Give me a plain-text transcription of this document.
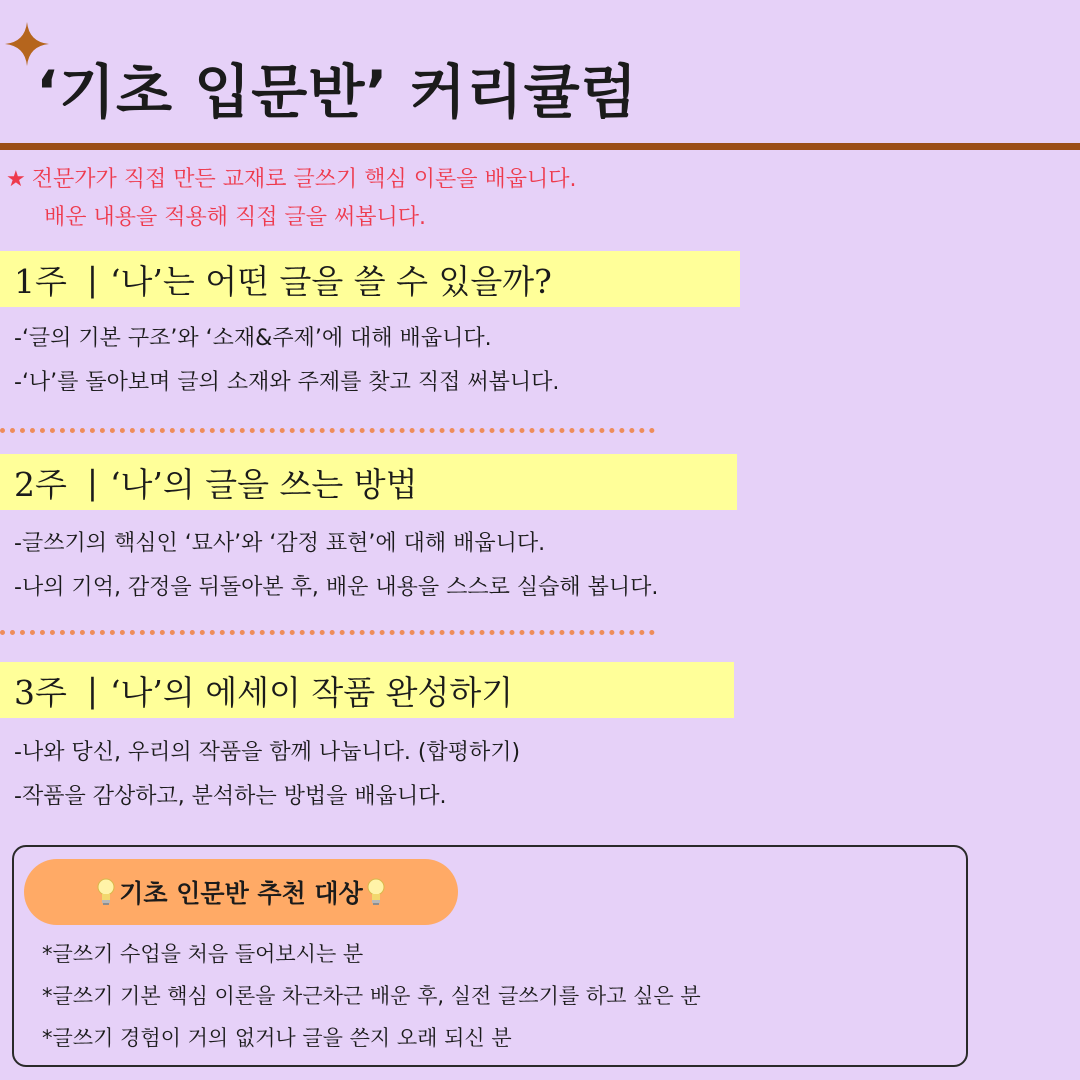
‘기초 입문반’ 커리큘럼
★ 전문가가 직접 만든 교재로 글쓰기 핵심 이론을 배웁니다.
배운 내용을 적용해 직접 글을 써봅니다.
1주 | ‘나’는 어떤 글을 쓸 수 있을까?
-‘글의 기본 구조’와 ‘소재&주제’에 대해 배웁니다.
-‘나’를 돌아보며 글의 소재와 주제를 찾고 직접 써봅니다.
2주 | ‘나’의 글을 쓰는 방법
-글쓰기의 핵심인 ‘묘사’와 ‘감정 표현’에 대해 배웁니다.
-나의 기억, 감정을 뒤돌아본 후, 배운 내용을 스스로 실습해 봅니다.
3주 | ‘나’의 에세이 작품 완성하기
-나와 당신, 우리의 작품을 함께 나눕니다. (합평하기)
-작품을 감상하고, 분석하는 방법을 배웁니다.
기초 인문반 추천 대상
*글쓰기 수업을 처음 들어보시는 분
*글쓰기 기본 핵심 이론을 차근차근 배운 후, 실전 글쓰기를 하고 싶은 분
*글쓰기 경험이 거의 없거나 글을 쓴지 오래 되신 분
